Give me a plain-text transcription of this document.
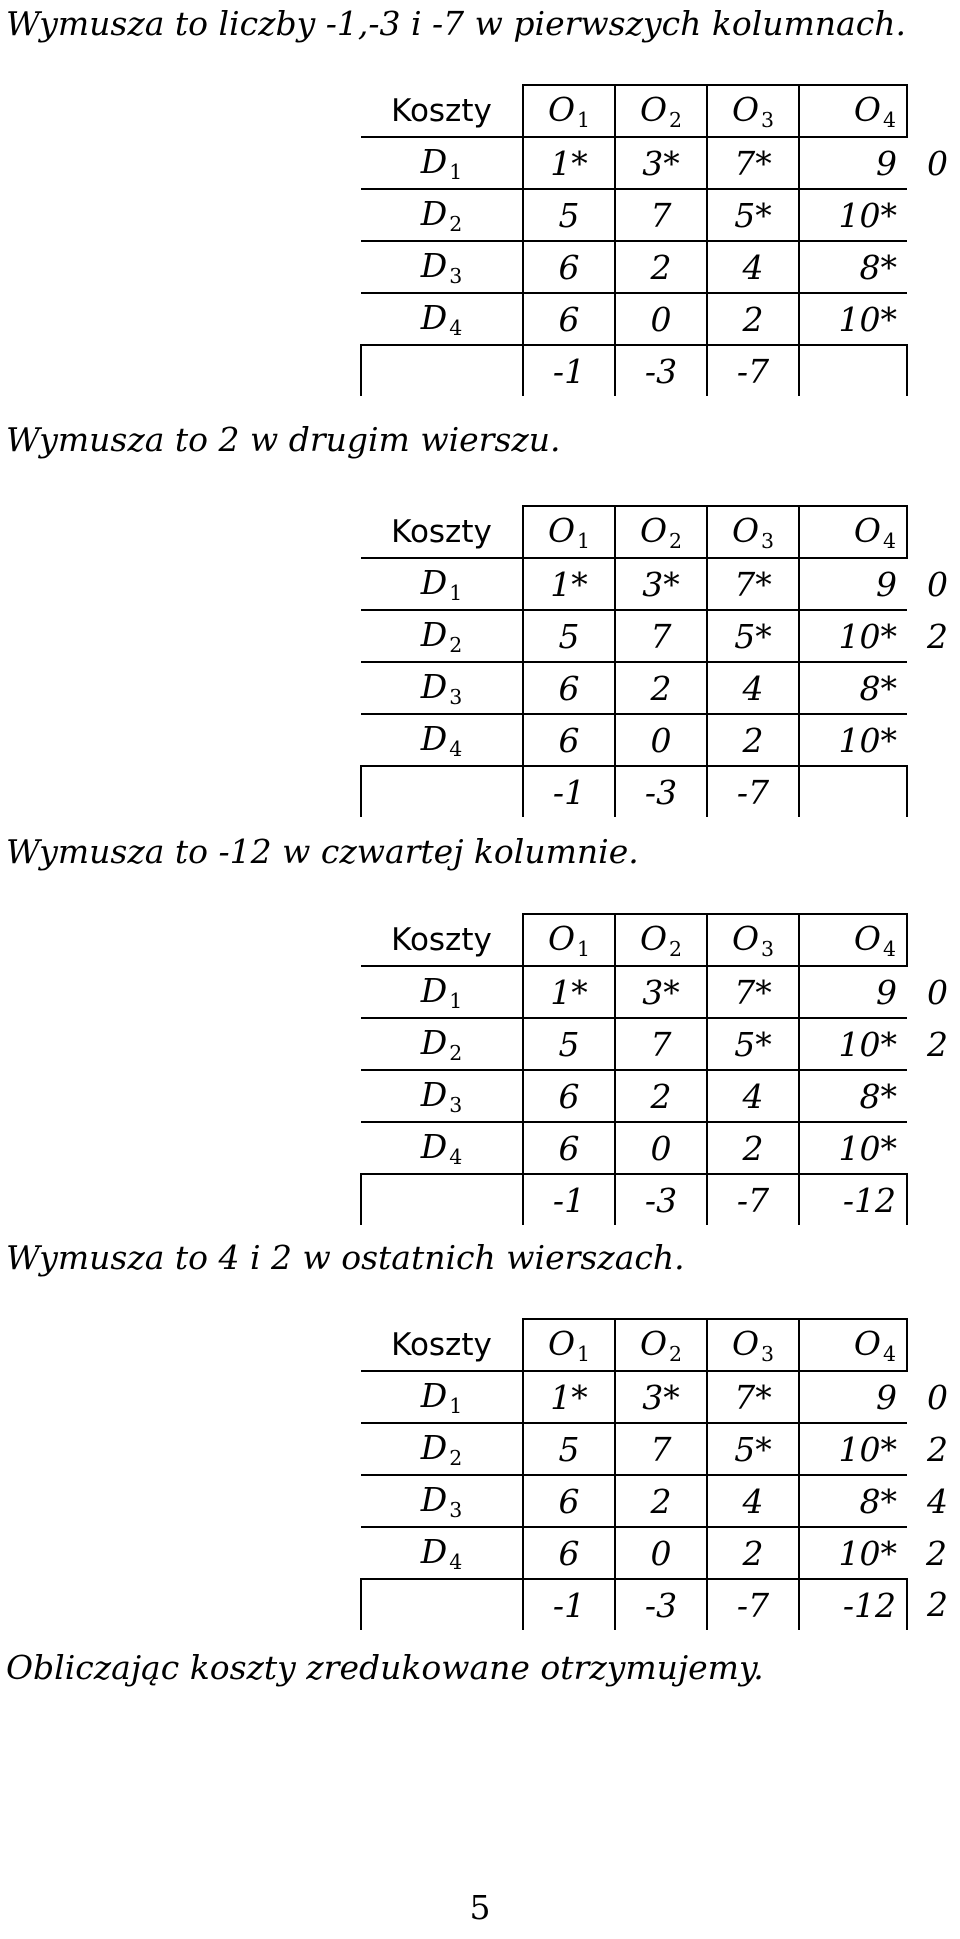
Wymusza to liczby -1,-3 i -7 w pierwszych kolumnach.
Koszty	$O_1$	$O_2$	$O_3$	$O_4$	
$D_1$	1*	3*	7*	9	0
$D_2$	5	7	5*	10*	
$D_3$	6	2	4	8*	
$D_4$	6	0	2	10*	
	-1	-3	-7		
Wymusza to 2 w drugim wierszu.
Koszty	$O_1$	$O_2$	$O_3$	$O_4$	
$D_1$	1*	3*	7*	9	0
$D_2$	5	7	5*	10*	2
$D_3$	6	2	4	8*	
$D_4$	6	0	2	10*	
	-1	-3	-7		
Wymusza to -12 w czwartej kolumnie.
Koszty	$O_1$	$O_2$	$O_3$	$O_4$	
$D_1$	1*	3*	7*	9	0
$D_2$	5	7	5*	10*	2
$D_3$	6	2	4	8*	
$D_4$	6	0	2	10*	
	-1	-3	-7	-12	
Wymusza to 4 i 2 w ostatnich wierszach.
Koszty	$O_1$	$O_2$	$O_3$	$O_4$	
$D_1$	1*	3*	7*	9	0
$D_2$	5	7	5*	10*	2
$D_3$	6	2	4	8*	4
$D_4$	6	0	2	10*	2
	-1	-3	-7	-12	2
Obliczając koszty zredukowane otrzymujemy.
5
